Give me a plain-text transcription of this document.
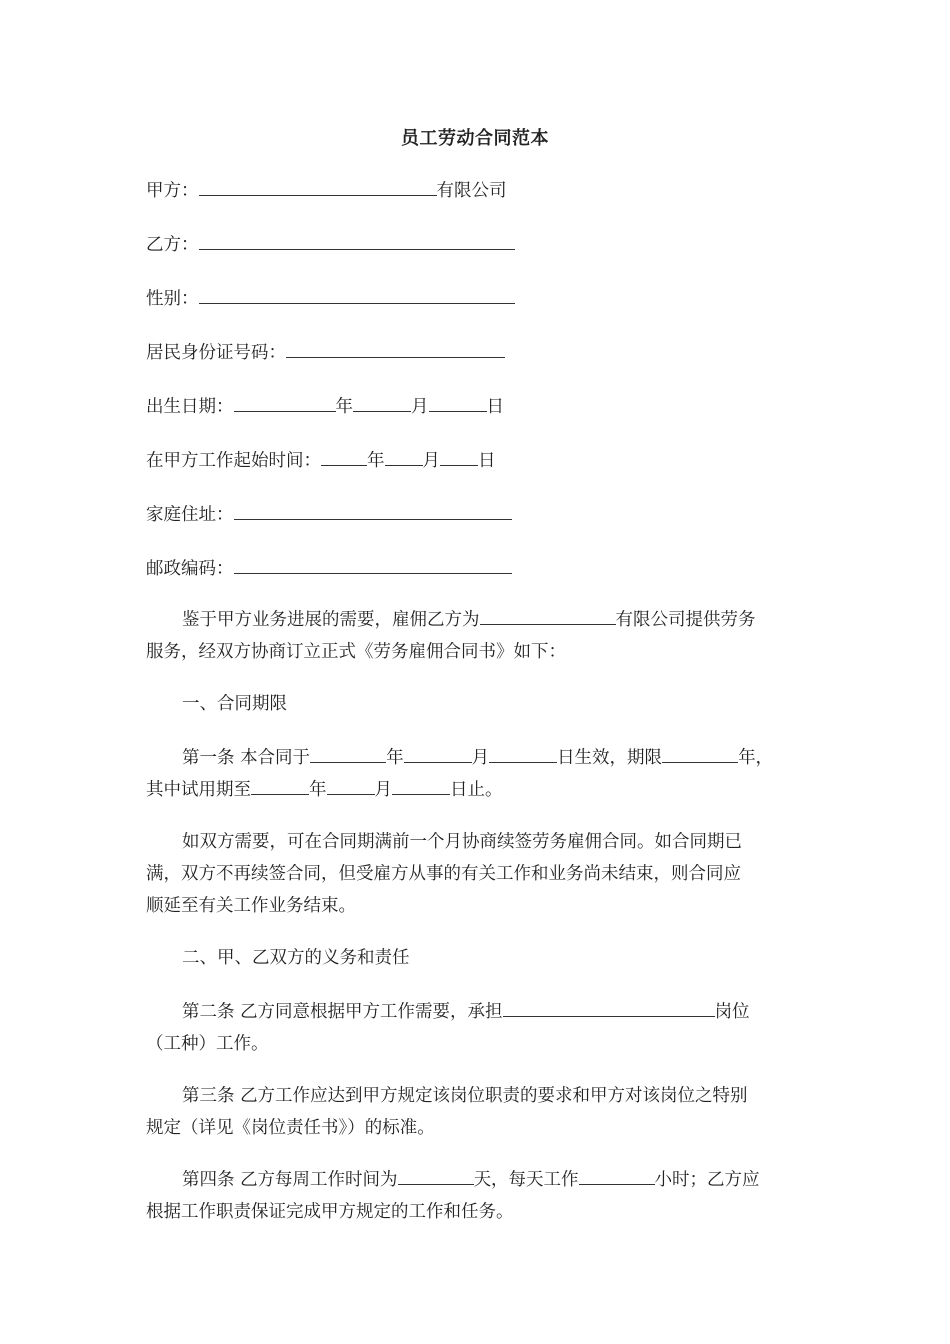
员工劳动合同范本
甲方：	有限公司
乙方：
性别：
居民身份证号码：
出生日期：	年	月	日
在甲方工作起始时间：	年 月 日
家庭住址：
邮政编码：
鉴于甲方业务进展的需要，雇佣乙方为	有限公司提供劳务
服务，经双方协商订立正式《劳务雇佣合同书》如下：
一、合同期限
第一条 本合同于	年	月	日生效，期限	年，
其中试用期至	年	月	日止。
如双方需要，可在合同期满前一个月协商续签劳务雇佣合同。如合同期已
满，双方不再续签合同，但受雇方从事的有关工作和业务尚未结束，则合同应
顺延至有关工作业务结束。
二、甲、乙双方的义务和责任
第二条 乙方同意根据甲方工作需要，承担	岗位
（工种）工作。
第三条 乙方工作应达到甲方规定该岗位职责的要求和甲方对该岗位之特别
规定（详见《岗位责任书》）的标准。
第四条 乙方每周工作时间为	天，每天工作	小时；乙方应
根据工作职责保证完成甲方规定的工作和任务。
